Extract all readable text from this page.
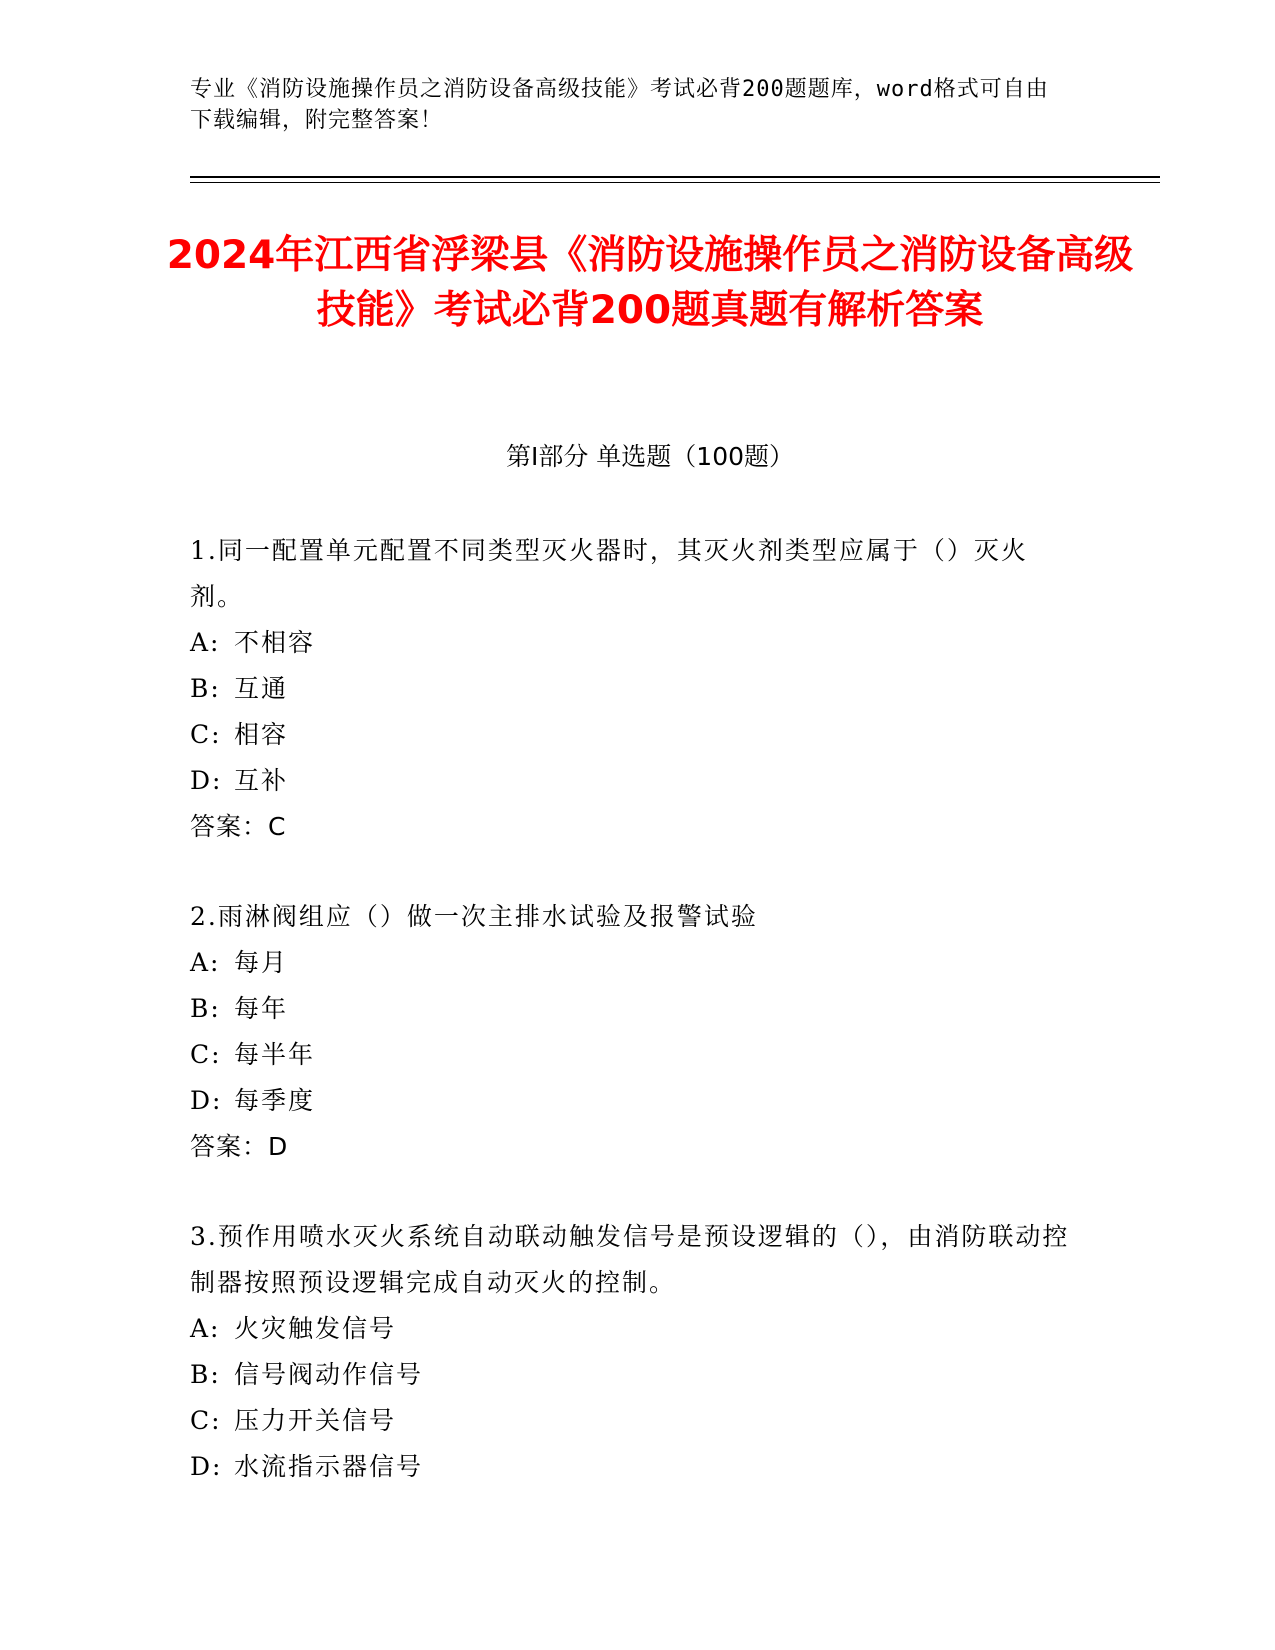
专业《消防设施操作员之消防设备高级技能》考试必背200题题库，word格式可自由下载编辑，附完整答案！
2024年江西省浮梁县《消防设施操作员之消防设备高级技能》考试必背200题真题有解析答案
第Ⅰ部分 单选题（100题）
1.同一配置单元配置不同类型灭火器时，其灭火剂类型应属于（）灭火剂。
A: 不相容
B: 互通
C: 相容
D: 互补
答案：C
2.雨淋阀组应（）做一次主排水试验及报警试验
A: 每月
B: 每年
C: 每半年
D: 每季度
答案：D
3.预作用喷水灭火系统自动联动触发信号是预设逻辑的（），由消防联动控制器按照预设逻辑完成自动灭火的控制。
A: 火灾触发信号
B: 信号阀动作信号
C: 压力开关信号
D: 水流指示器信号
